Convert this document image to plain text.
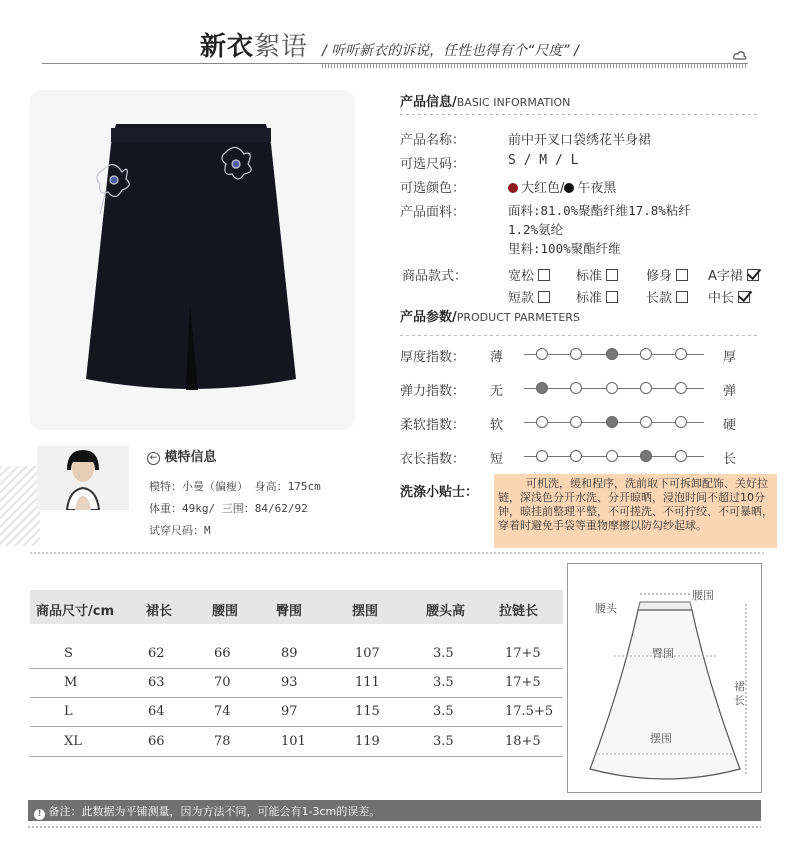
新衣絮语 / 听听新衣的诉说，任性也得有个“尺度” /
产品信息/BASIC INFORMATION
产品名称：	前中开叉口袋绣花半身裙
可选尺码：	S / M / L
可选颜色：	大红色/ 午夜黑
产品面料：	面料:81.0%聚酯纤维17.8%粘纤
1.2%氨纶
里料:100%聚酯纤维
商品款式：	宽松	标准	修身	A字裙
短款	标准	长款	中长
产品参数/PRODUCT PARMETERS
厚度指数： 薄	厚
弹力指数： 无	弹
柔软指数： 软	硬
衣长指数： 短	长
洗涤小贴士：
可机洗，缓和程序，洗前取下可拆卸配饰、关好拉链，深浅色分开水洗、分开晾晒，浸泡时间不超过10分钟，晾挂前整理平整，不可搓洗、不可拧绞、不可暴晒，穿着时避免手袋等重物摩擦以防勾纱起球。
← 模特信息
模特：小曼（偏瘦） 身高：175cm
体重：49kg/ 三围：84/62/92
试穿尺码：M
商品尺寸/cm 裙长	腰围	臀围	摆围	腰头高	拉链长
S	62	66	89	107	3.5	17+5
M	63	70	93	111	3.5	17+5
L	64	74	97	115	3.5	17.5+5
XL	66	78	101	119	3.5	18+5
腰头
腰围
臀围
摆围
裙长
! 备注：此数据为平铺测量，因为方法不同，可能会有1-3cm的误差。
